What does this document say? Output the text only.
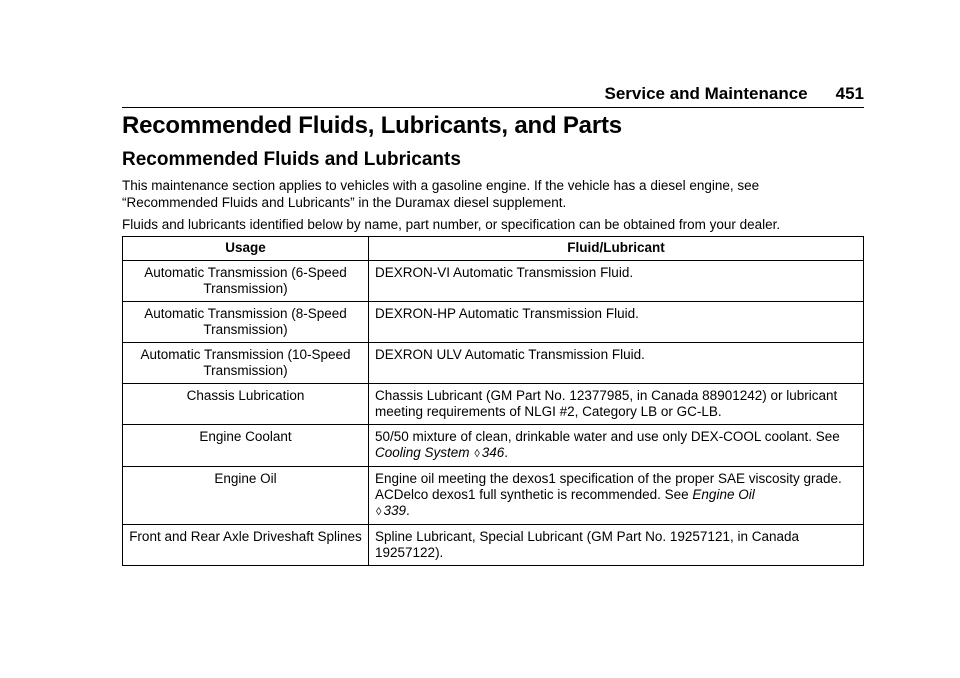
Service and Maintenance 451
Recommended Fluids, Lubricants, and Parts
Recommended Fluids and Lubricants

This maintenance section applies to vehicles with a gasoline engine. If the vehicle has a diesel engine, see “Recommended Fluids and Lubricants” in the Duramax diesel supplement.

Fluids and lubricants identified below by name, part number, or specification can be obtained from your dealer.

Usage	Fluid/Lubricant
Automatic Transmission (6-Speed Transmission)	DEXRON-VI Automatic Transmission Fluid.
Automatic Transmission (8-Speed Transmission)	DEXRON-HP Automatic Transmission Fluid.
Automatic Transmission (10-Speed Transmission)	DEXRON ULV Automatic Transmission Fluid.
Chassis Lubrication	Chassis Lubricant (GM Part No. 12377985, in Canada 88901242) or lubricant meeting requirements of NLGI #2, Category LB or GC-LB.
Engine Coolant	50/50 mixture of clean, drinkable water and use only DEX-COOL coolant. See Cooling System ◊ 346.
Engine Oil	Engine oil meeting the dexos1 specification of the proper SAE viscosity grade. ACDelco dexos1 full synthetic is recommended. See Engine Oil
◊ 339.
Front and Rear Axle Driveshaft Splines	Spline Lubricant, Special Lubricant (GM Part No. 19257121, in Canada 19257122).
